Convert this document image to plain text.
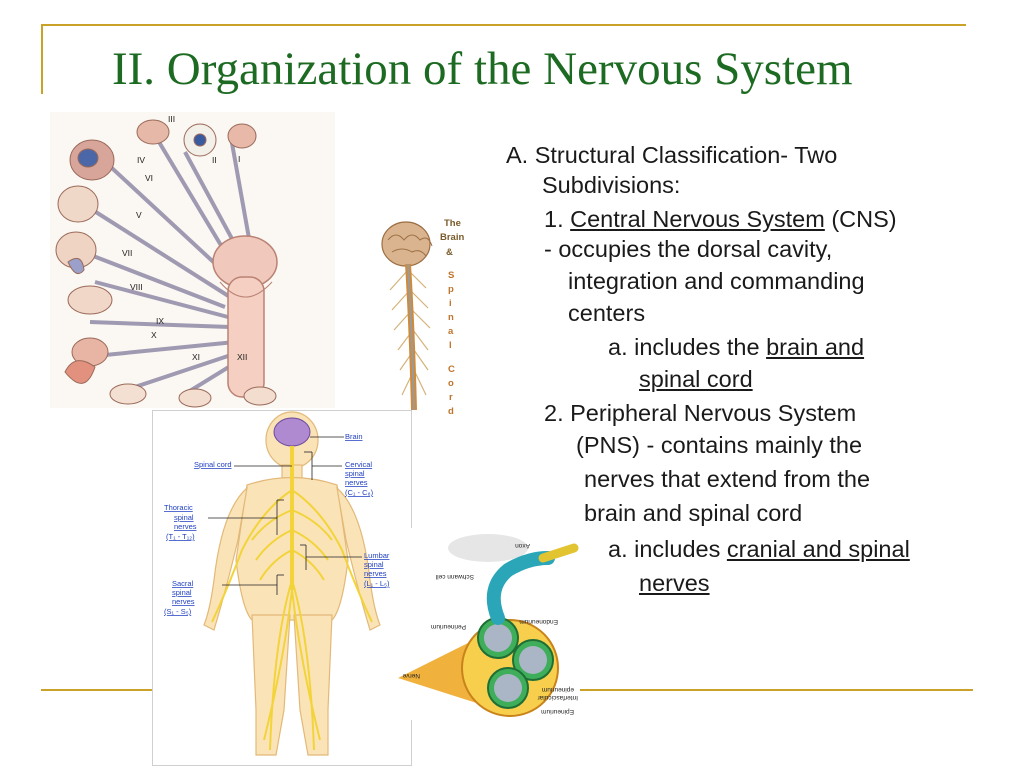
II. Organization of the Nervous System
III
IV	II	I
VI
V
VII
VIII
IX
X
XI	XII
The
Brain
&
S
p
i
n
a
l
C
o
r
d
Brain
Spinal cord	Cervical
spinal
nerves
(C₁ - C₈)
Thoracic
spinal
nerves
(T₁ - T₁₂)
Lumbar
spinal
nerves
(L₁ - L₅)
Sacral
spinal
nerves
(S₁ - S₅)
Axon
Schwann cell
Perineurium
Endoneurium
Nerve
Interfascicular
epineurium
Epineurium
A. Structural Classification- Two
Subdivisions:
1. Central Nervous System (CNS)
- occupies the dorsal cavity,
integration and commanding
centers
a. includes the brain and
spinal cord
2. Peripheral Nervous System
(PNS) - contains mainly the
nerves that extend from the
brain and spinal cord
a. includes cranial and spinal
nerves
